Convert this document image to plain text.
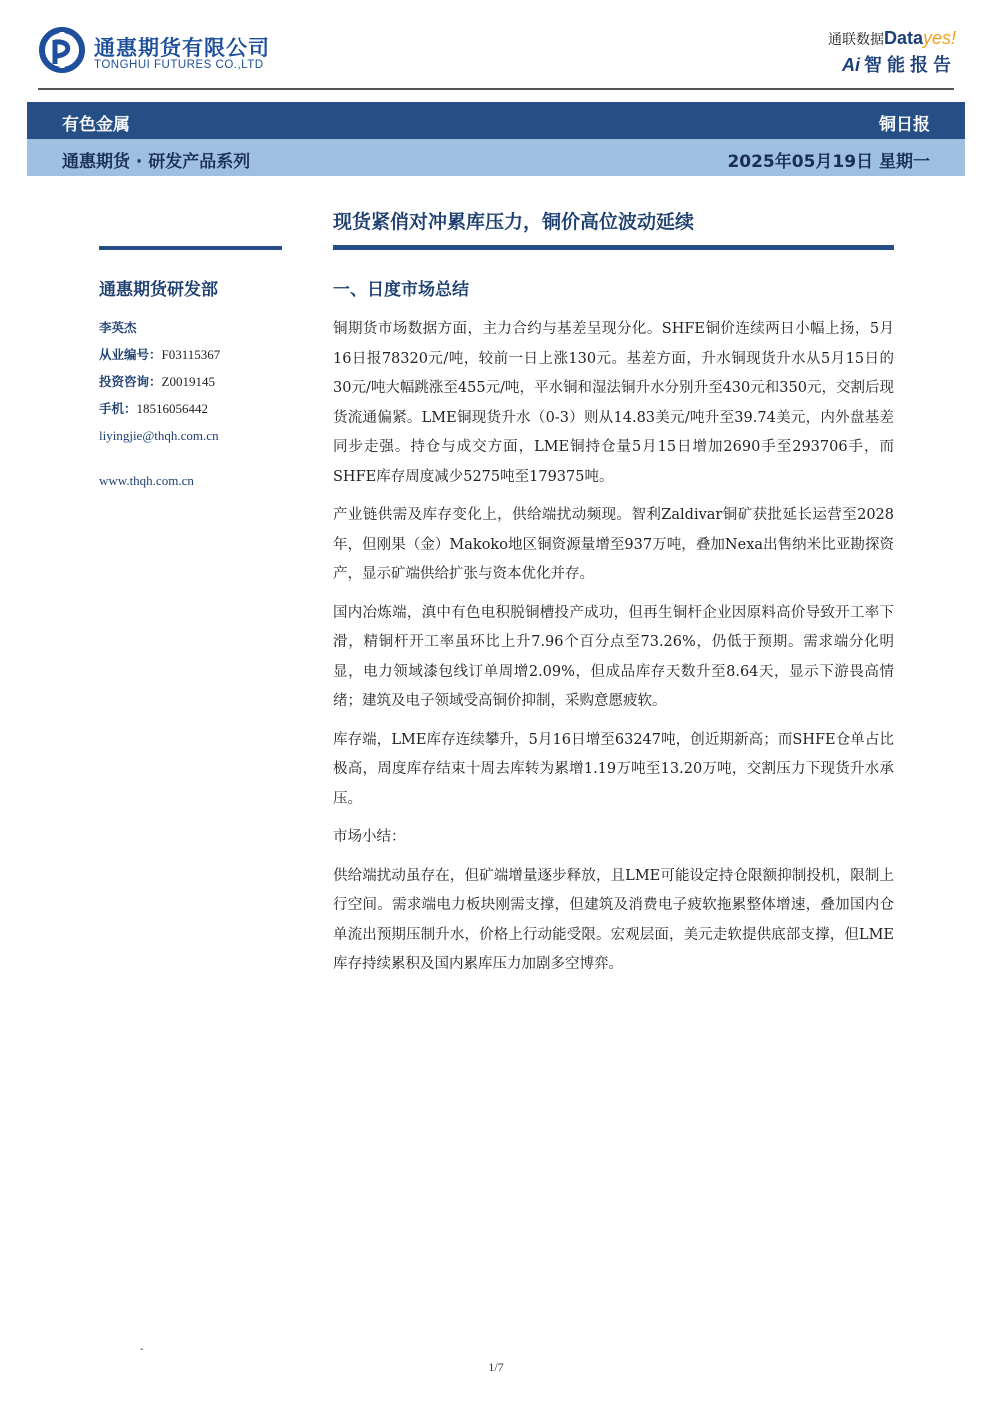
通惠期货有限公司
TONGHUI FUTURES CO.,LTD
通联数据Datayes!
Ai 智能报告
有色金属	铜日报
通惠期货 · 研发产品系列	2025年05月19日 星期一
现货紧俏对冲累库压力，铜价高位波动延续
通惠期货研发部
李英杰
从业编号：F03115367
投资咨询：Z0019145
手机：18516056442
liyingjie@thqh.com.cn
www.thqh.com.cn
一、日度市场总结

铜期货市场数据方面，主力合约与基差呈现分化。SHFE铜价连续两日小幅上扬，5月16日报78320元/吨，较前一日上涨130元。基差方面，升水铜现货升水从5月15日的30元/吨大幅跳涨至455元/吨，平水铜和湿法铜升水分别升至430元和350元，交割后现货流通偏紧。LME铜现货升水（0-3）则从14.83美元/吨升至39.74美元，内外盘基差同步走强。持仓与成交方面，LME铜持仓量5月15日增加2690手至293706手，而SHFE库存周度减少5275吨至179375吨。

产业链供需及库存变化上，供给端扰动频现。智利Zaldivar铜矿获批延长运营至2028年，但刚果（金）Makoko地区铜资源量增至937万吨，叠加Nexa出售纳米比亚勘探资产，显示矿端供给扩张与资本优化并存。

国内冶炼端，滇中有色电积脱铜槽投产成功，但再生铜杆企业因原料高价导致开工率下滑，精铜杆开工率虽环比上升7.96个百分点至73.26%，仍低于预期。需求端分化明显，电力领域漆包线订单周增2.09%，但成品库存天数升至8.64天，显示下游畏高情绪；建筑及电子领域受高铜价抑制，采购意愿疲软。

库存端，LME库存连续攀升，5月16日增至63247吨，创近期新高；而SHFE仓单占比极高，周度库存结束十周去库转为累增1.19万吨至13.20万吨，交割压力下现货升水承压。

市场小结：

供给端扰动虽存在，但矿端增量逐步释放，且LME可能设定持仓限额抑制投机，限制上行空间。需求端电力板块刚需支撑，但建筑及消费电子疲软拖累整体增速，叠加国内仓单流出预期压制升水，价格上行动能受限。宏观层面，美元走软提供底部支撑，但LME库存持续累积及国内累库压力加剧多空博弈。

-
1/7
